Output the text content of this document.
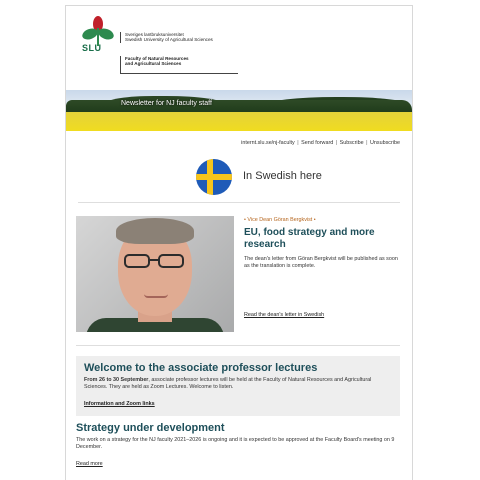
SLU
Sveriges lantbruksuniversitet
Swedish University of Agricultural Sciences
Faculty of Natural Resources
and Agricultural Sciences
Newsletter for NJ faculty staff
internt.slu.se/nj-faculty | Send forward | Subscribe | Unsubscribe
In Swedish here
• Vice Dean Göran Bergkvist •
EU, food strategy and more research
The dean's letter from Göran Bergkvist will be published as soon as the translation is complete.
Read the dean's letter in Swedish
Welcome to the associate professor lectures
From 26 to 30 September, associate professor lectures will be held at the Faculty of Natural Resources and Agricultural Sciences. They are held as Zoom Lectures. Welcome to listen.
Information and Zoom links
Strategy under development
The work on a strategy for the NJ faculty 2021–2026 is ongoing and it is expected to be approved at the Faculty Board's meeting on 9 December.
Read more
